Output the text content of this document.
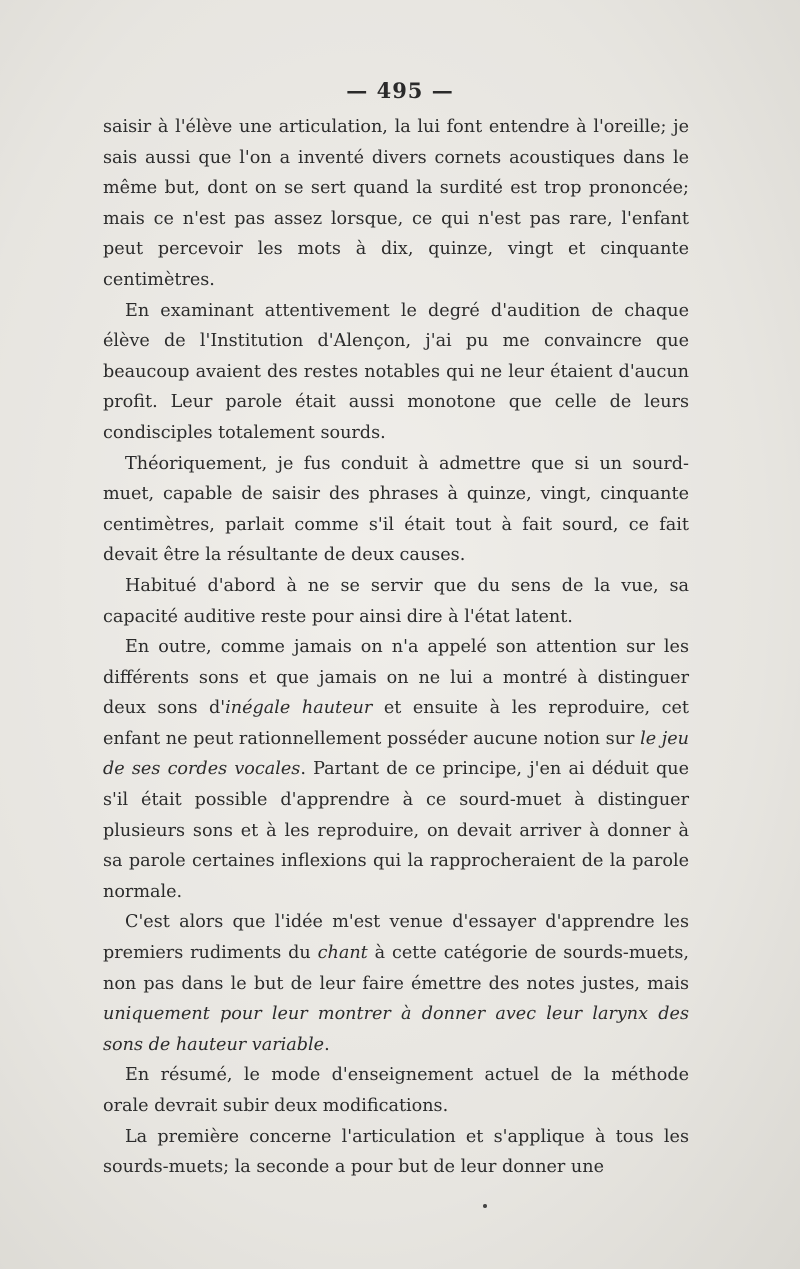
— 495 —

saisir à l'élève une articulation, la lui font entendre à l'oreille; je sais aussi que l'on a inventé divers cornets acoustiques dans le même but, dont on se sert quand la surdité est trop prononcée; mais ce n'est pas assez lorsque, ce qui n'est pas rare, l'enfant peut percevoir les mots à dix, quinze, vingt et cinquante centimètres.

En examinant attentivement le degré d'audition de chaque élève de l'Institution d'Alençon, j'ai pu me convaincre que beaucoup avaient des restes notables qui ne leur étaient d'aucun profit. Leur parole était aussi monotone que celle de leurs condisciples totalement sourds.

Théoriquement, je fus conduit à admettre que si un sourd-muet, capable de saisir des phrases à quinze, vingt, cinquante centimètres, parlait comme s'il était tout à fait sourd, ce fait devait être la résultante de deux causes.

Habitué d'abord à ne se servir que du sens de la vue, sa capacité auditive reste pour ainsi dire à l'état latent.

En outre, comme jamais on n'a appelé son attention sur les différents sons et que jamais on ne lui a montré à distinguer deux sons d'inégale hauteur et ensuite à les reproduire, cet enfant ne peut rationnellement posséder aucune notion sur le jeu de ses cordes vocales. Partant de ce principe, j'en ai déduit que s'il était possible d'apprendre à ce sourd-muet à distinguer plusieurs sons et à les reproduire, on devait arriver à donner à sa parole certaines inflexions qui la rapprocheraient de la parole normale.

C'est alors que l'idée m'est venue d'essayer d'apprendre les premiers rudiments du chant à cette catégorie de sourds-muets, non pas dans le but de leur faire émettre des notes justes, mais uniquement pour leur montrer à donner avec leur larynx des sons de hauteur variable.

En résumé, le mode d'enseignement actuel de la méthode orale devrait subir deux modifications.

La première concerne l'articulation et s'applique à tous les sourds-muets; la seconde a pour but de leur donner une
